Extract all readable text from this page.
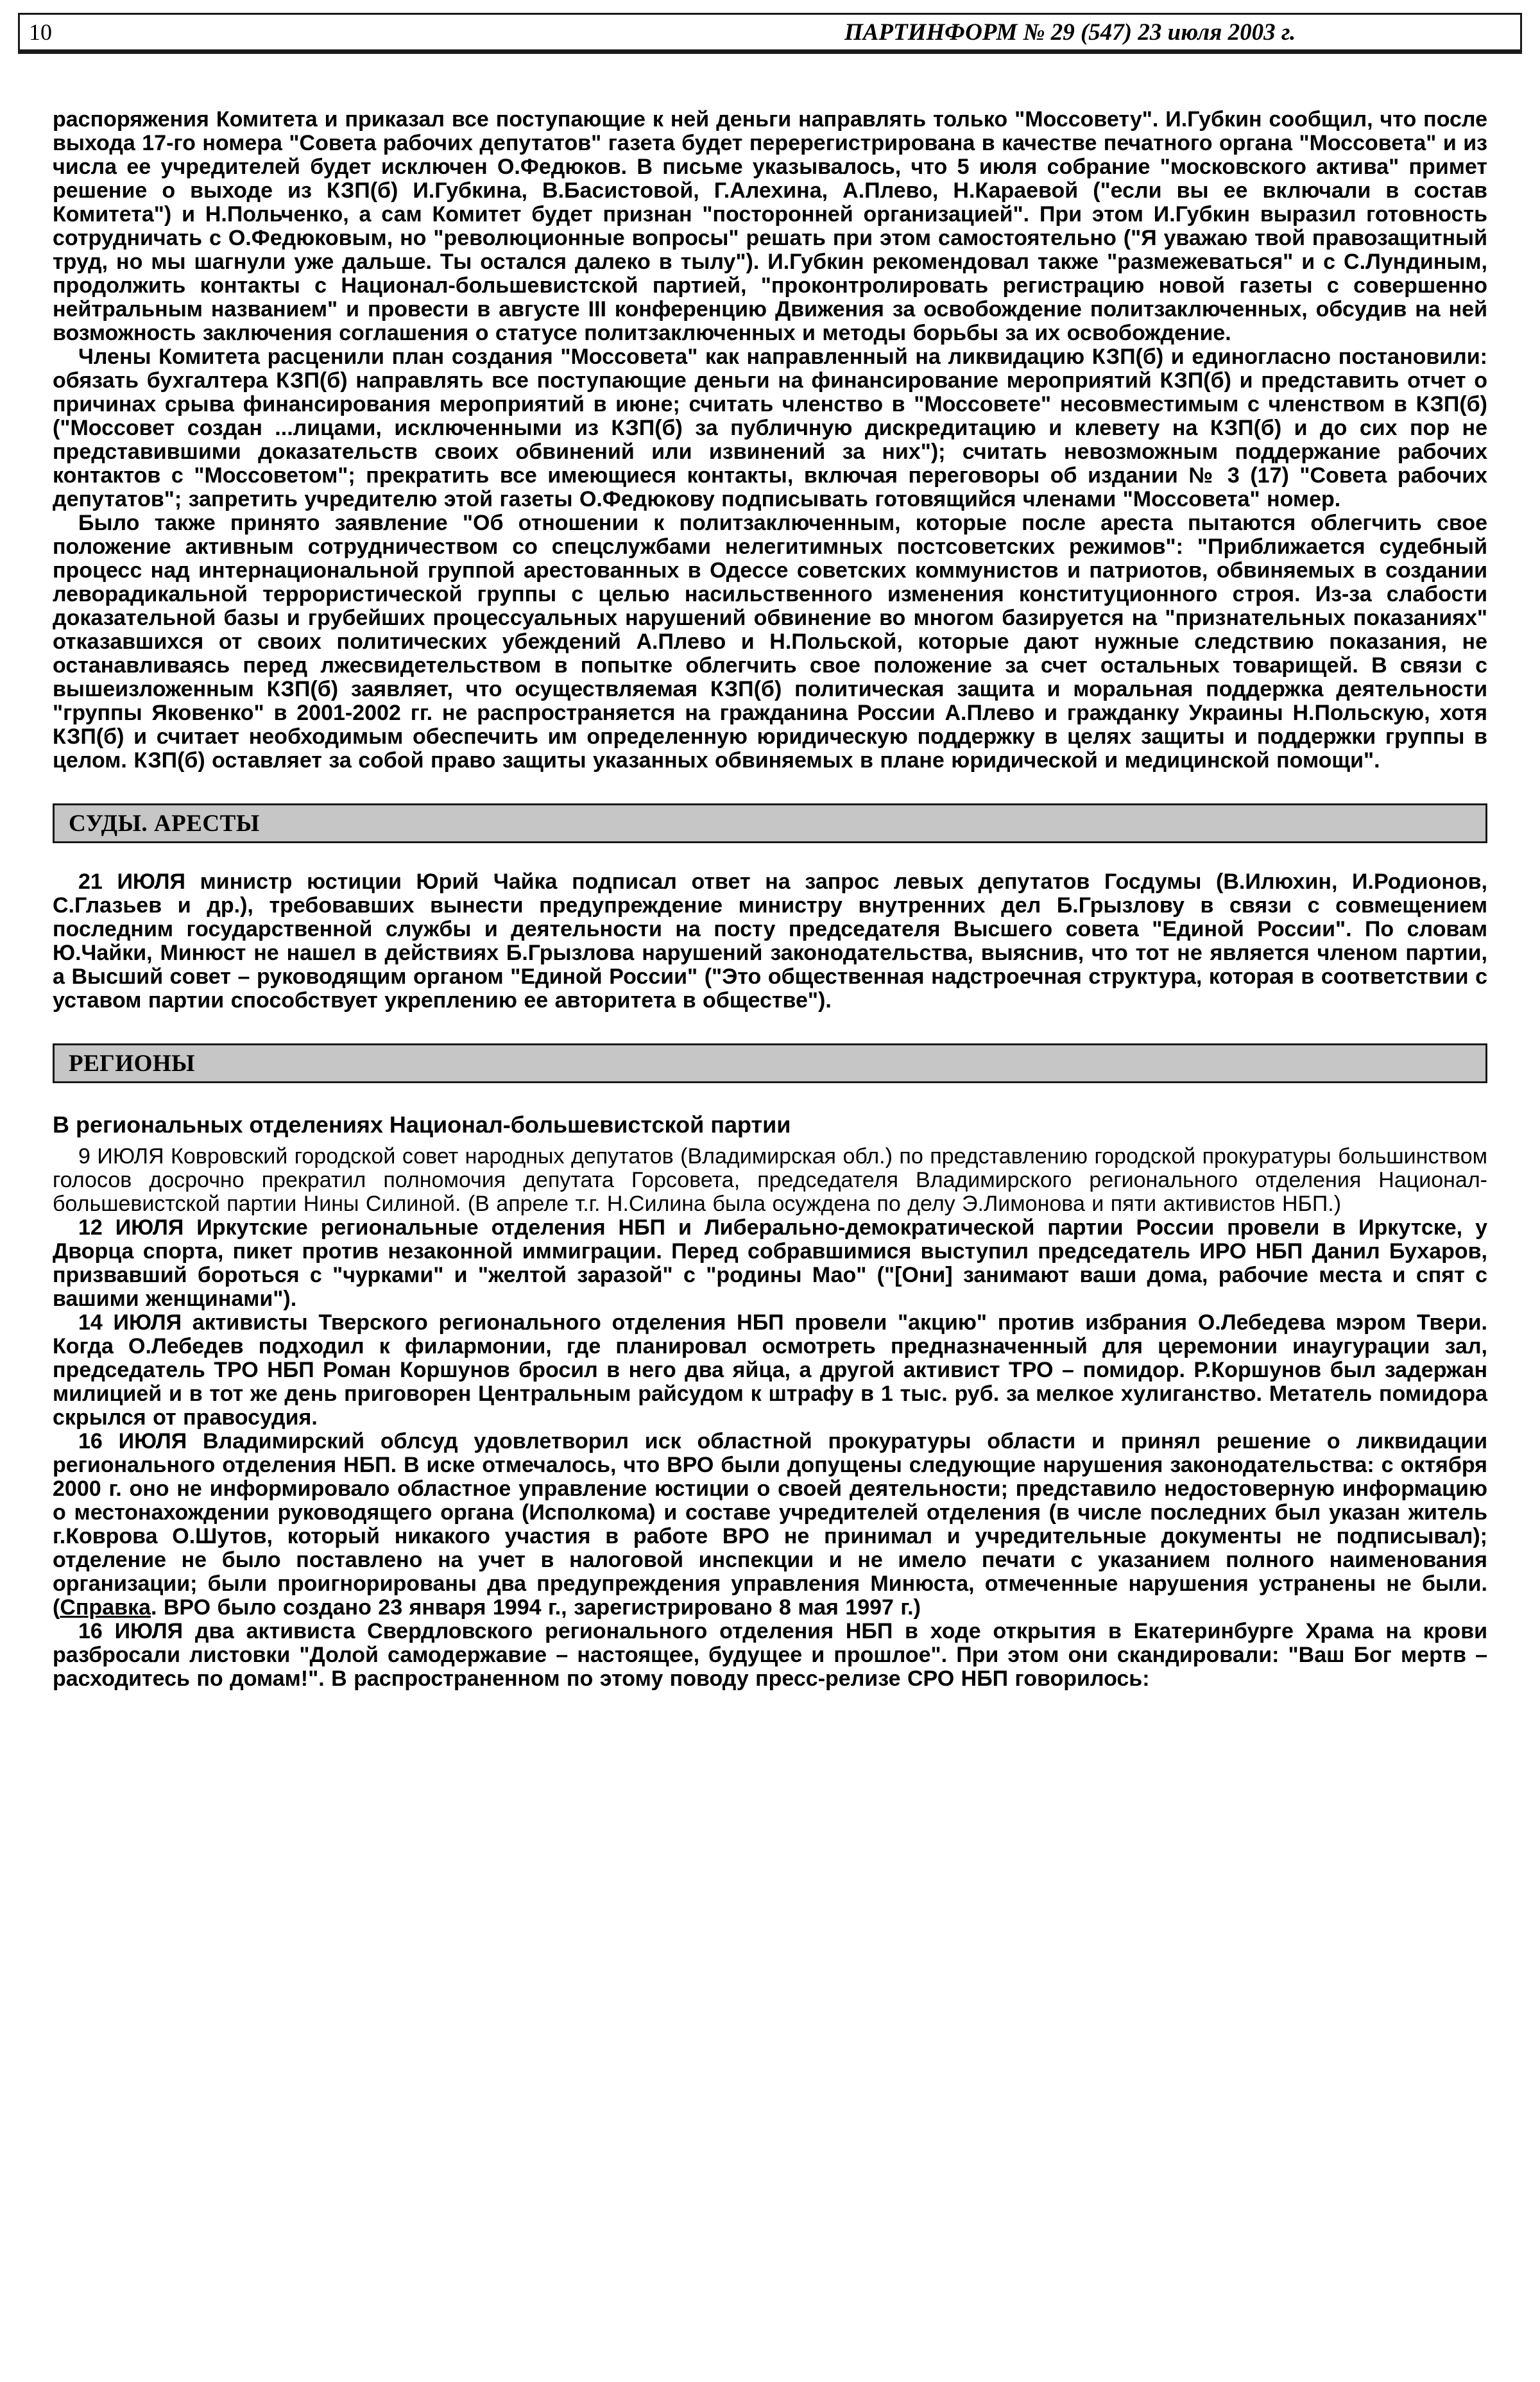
10	ПАРТИНФОРМ № 29 (547) 23 июля 2003 г.

распоряжения Комитета и приказал все поступающие к ней деньги направлять только "Моссовету". И.Губкин сообщил, что после выхода 17-го номера "Совета рабочих депутатов" газета будет перерегистрирована в качестве печатного органа "Моссовета" и из числа ее учредителей будет исключен О.Федюков. В письме указывалось, что 5 июля собрание "московского актива" примет решение о выходе из КЗП(б) И.Губкина, В.Басистовой, Г.Алехина, А.Плево, Н.Караевой ("если вы ее включали в состав Комитета") и Н.Польченко, а сам Комитет будет признан "посторонней организацией". При этом И.Губкин выразил готовность сотрудничать с О.Федюковым, но "революционные вопросы" решать при этом самостоятельно ("Я уважаю твой правозащитный труд, но мы шагнули уже дальше. Ты остался далеко в тылу"). И.Губкин рекомендовал также "размежеваться" и с С.Лундиным, продолжить контакты с Национал-большевистской партией, "проконтролировать регистрацию новой газеты с совершенно нейтральным названием" и провести в августе III конференцию Движения за освобождение политзаключенных, обсудив на ней возможность заключения соглашения о статусе политзаключенных и методы борьбы за их освобождение.

Члены Комитета расценили план создания "Моссовета" как направленный на ликвидацию КЗП(б) и единогласно постановили: обязать бухгалтера КЗП(б) направлять все поступающие деньги на финансирование мероприятий КЗП(б) и представить отчет о причинах срыва финансирования мероприятий в июне; считать членство в "Моссовете" несовместимым с членством в КЗП(б) ("Моссовет создан ...лицами, исключенными из КЗП(б) за публичную дискредитацию и клевету на КЗП(б) и до сих пор не представившими доказательств своих обвинений или извинений за них"); считать невозможным поддержание рабочих контактов с "Моссоветом"; прекратить все имеющиеся контакты, включая переговоры об издании № 3 (17) "Совета рабочих депутатов"; запретить учредителю этой газеты О.Федюкову подписывать готовящийся членами "Моссовета" номер.

Было также принято заявление "Об отношении к политзаключенным, которые после ареста пытаются облегчить свое положение активным сотрудничеством со спецслужбами нелегитимных постсоветских режимов": "Приближается судебный процесс над интернациональной группой арестованных в Одессе советских коммунистов и патриотов, обвиняемых в создании леворадикальной террористической группы с целью насильственного изменения конституционного строя. Из-за слабости доказательной базы и грубейших процессуальных нарушений обвинение во многом базируется на "признательных показаниях" отказавшихся от своих политических убеждений А.Плево и Н.Польской, которые дают нужные следствию показания, не останавливаясь перед лжесвидетельством в попытке облегчить свое положение за счет остальных товарищей. В связи с вышеизложенным КЗП(б) заявляет, что осуществляемая КЗП(б) политическая защита и моральная поддержка деятельности "группы Яковенко" в 2001-2002 гг. не распространяется на гражданина России А.Плево и гражданку Украины Н.Польскую, хотя КЗП(б) и считает необходимым обеспечить им определенную юридическую поддержку в целях защиты и поддержки группы в целом. КЗП(б) оставляет за собой право защиты указанных обвиняемых в плане юридической и медицинской помощи".

СУДЫ. АРЕСТЫ

21 ИЮЛЯ министр юстиции Юрий Чайка подписал ответ на запрос левых депутатов Госдумы (В.Илюхин, И.Родионов, С.Глазьев и др.), требовавших вынести предупреждение министру внутренних дел Б.Грызлову в связи с совмещением последним государственной службы и деятельности на посту председателя Высшего совета "Единой России". По словам Ю.Чайки, Минюст не нашел в действиях Б.Грызлова нарушений законодательства, выяснив, что тот не является членом партии, а Высший совет – руководящим органом "Единой России" ("Это общественная надстроечная структура, которая в соответствии с уставом партии способствует укреплению ее авторитета в обществе").

РЕГИОНЫ
В региональных отделениях Национал-большевистской партии

9 ИЮЛЯ Ковровский городской совет народных депутатов (Владимирская обл.) по представлению городской прокуратуры большинством голосов досрочно прекратил полномочия депутата Горсовета, председателя Владимирского регионального отделения Национал-большевистской партии Нины Силиной. (В апреле т.г. Н.Силина была осуждена по делу Э.Лимонова и пяти активистов НБП.)

12 ИЮЛЯ Иркутские региональные отделения НБП и Либерально-демократической партии России провели в Иркутске, у Дворца спорта, пикет против незаконной иммиграции. Перед собравшимися выступил председатель ИРО НБП Данил Бухаров, призвавший бороться с "чурками" и "желтой заразой" с "родины Мао" ("[Они] занимают ваши дома, рабочие места и спят с вашими женщинами").

14 ИЮЛЯ активисты Тверского регионального отделения НБП провели "акцию" против избрания О.Лебедева мэром Твери. Когда О.Лебедев подходил к филармонии, где планировал осмотреть предназначенный для церемонии инаугурации зал, председатель ТРО НБП Роман Коршунов бросил в него два яйца, а другой активист ТРО – помидор. Р.Коршунов был задержан милицией и в тот же день приговорен Центральным райсудом к штрафу в 1 тыс. руб. за мелкое хулиганство. Метатель помидора скрылся от правосудия.

16 ИЮЛЯ Владимирский облсуд удовлетворил иск областной прокуратуры области и принял решение о ликвидации регионального отделения НБП. В иске отмечалось, что ВРО были допущены следующие нарушения законодательства: с октября 2000 г. оно не информировало областное управление юстиции о своей деятельности; представило недостоверную информацию о местонахождении руководящего органа (Исполкома) и составе учредителей отделения (в числе последних был указан житель г.Коврова О.Шутов, который никакого участия в работе ВРО не принимал и учредительные документы не подписывал); отделение не было поставлено на учет в налоговой инспекции и не имело печати с указанием полного наименования организации; были проигнорированы два предупреждения управления Минюста, отмеченные нарушения устранены не были. (Справка. ВРО было создано 23 января 1994 г., зарегистрировано 8 мая 1997 г.)

16 ИЮЛЯ два активиста Свердловского регионального отделения НБП в ходе открытия в Екатеринбурге Храма на крови разбросали листовки "Долой самодержавие – настоящее, будущее и прошлое". При этом они скандировали: "Ваш Бог мертв – расходитесь по домам!". В распространенном по этому поводу пресс-релизе СРО НБП говорилось:
